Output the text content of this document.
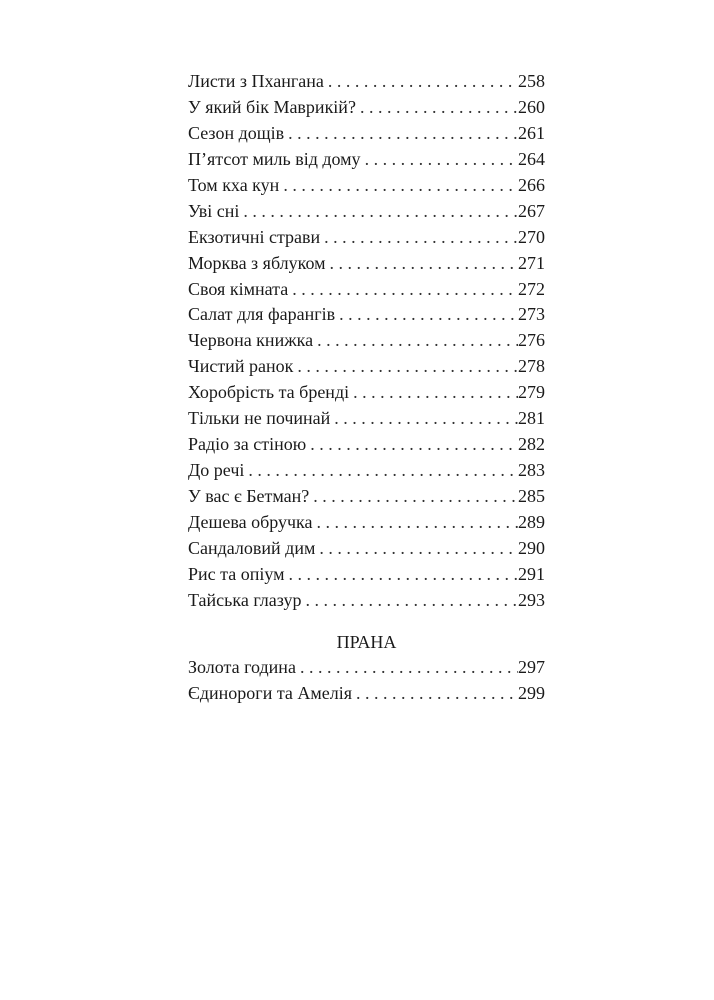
Листи з Пхангана . . .	258
У який бік Маврикій? . . .	260
Сезон дощів . . .	261
П’ятсот миль від дому . . .	264
Том кха кун . . .	266
Уві сні . . .	267
Екзотичні страви . . .	270
Морква з яблуком . . .	271
Своя кімната . . .	272
Салат для фарангів . . .	273
Червона книжка . . .	276
Чистий ранок . . .	278
Хоробрість та бренді . . .	279
Тільки не починай . . .	281
Радіо за стіною . . .	282
До речі . . .	283
У вас є Бетман? . . .	285
Дешева обручка . . .	289
Сандаловий дим . . .	290
Рис та опіум . . .	291
Тайська глазур . . .	293
ПРАНА
Золота година . . .	297
Єдинороги та Амелія . . .	299
